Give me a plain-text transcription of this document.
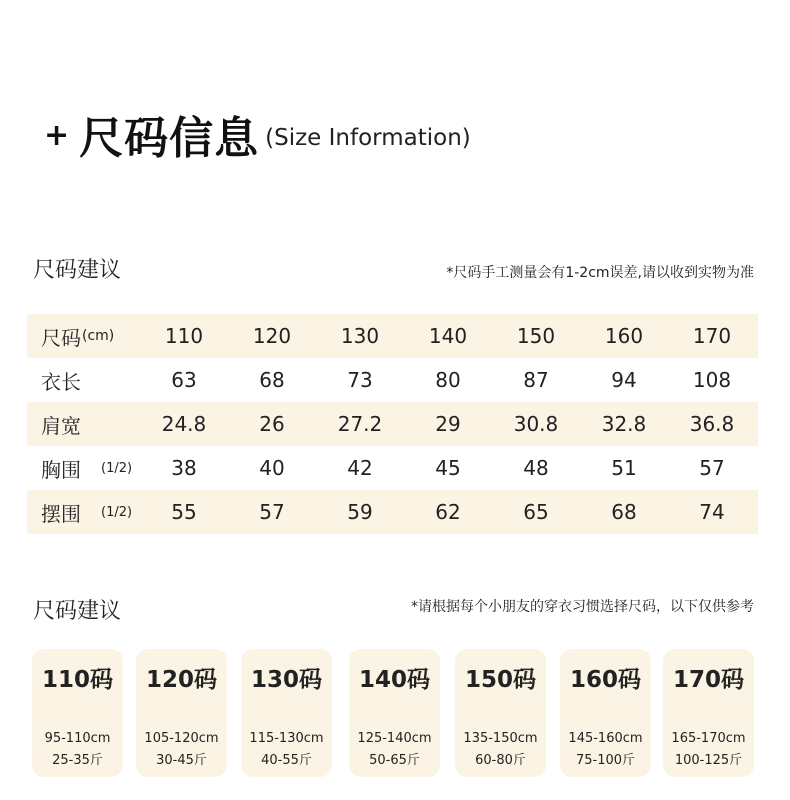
+ 尺码信息 (Size Information)
尺码建议	*尺码手工测量会有1-2cm误差,请以收到实物为准
尺码 (cm)	110	120	130	140	150	160	170
衣长	63	68	73	80	87	94	108
肩宽	24.8	26	27.2	29	30.8	32.8	36.8
胸围 (1/2)	38	40	42	45	48	51	57
摆围 (1/2)	55	57	59	62	65	68	74
尺码建议	*请根据每个小朋友的穿衣习惯选择尺码，以下仅供参考
110码
95-110cm
25-35斤
120码
105-120cm
30-45斤
130码
115-130cm
40-55斤
140码
125-140cm
50-65斤
150码
135-150cm
60-80斤
160码
145-160cm
75-100斤
170码
165-170cm
100-125斤
